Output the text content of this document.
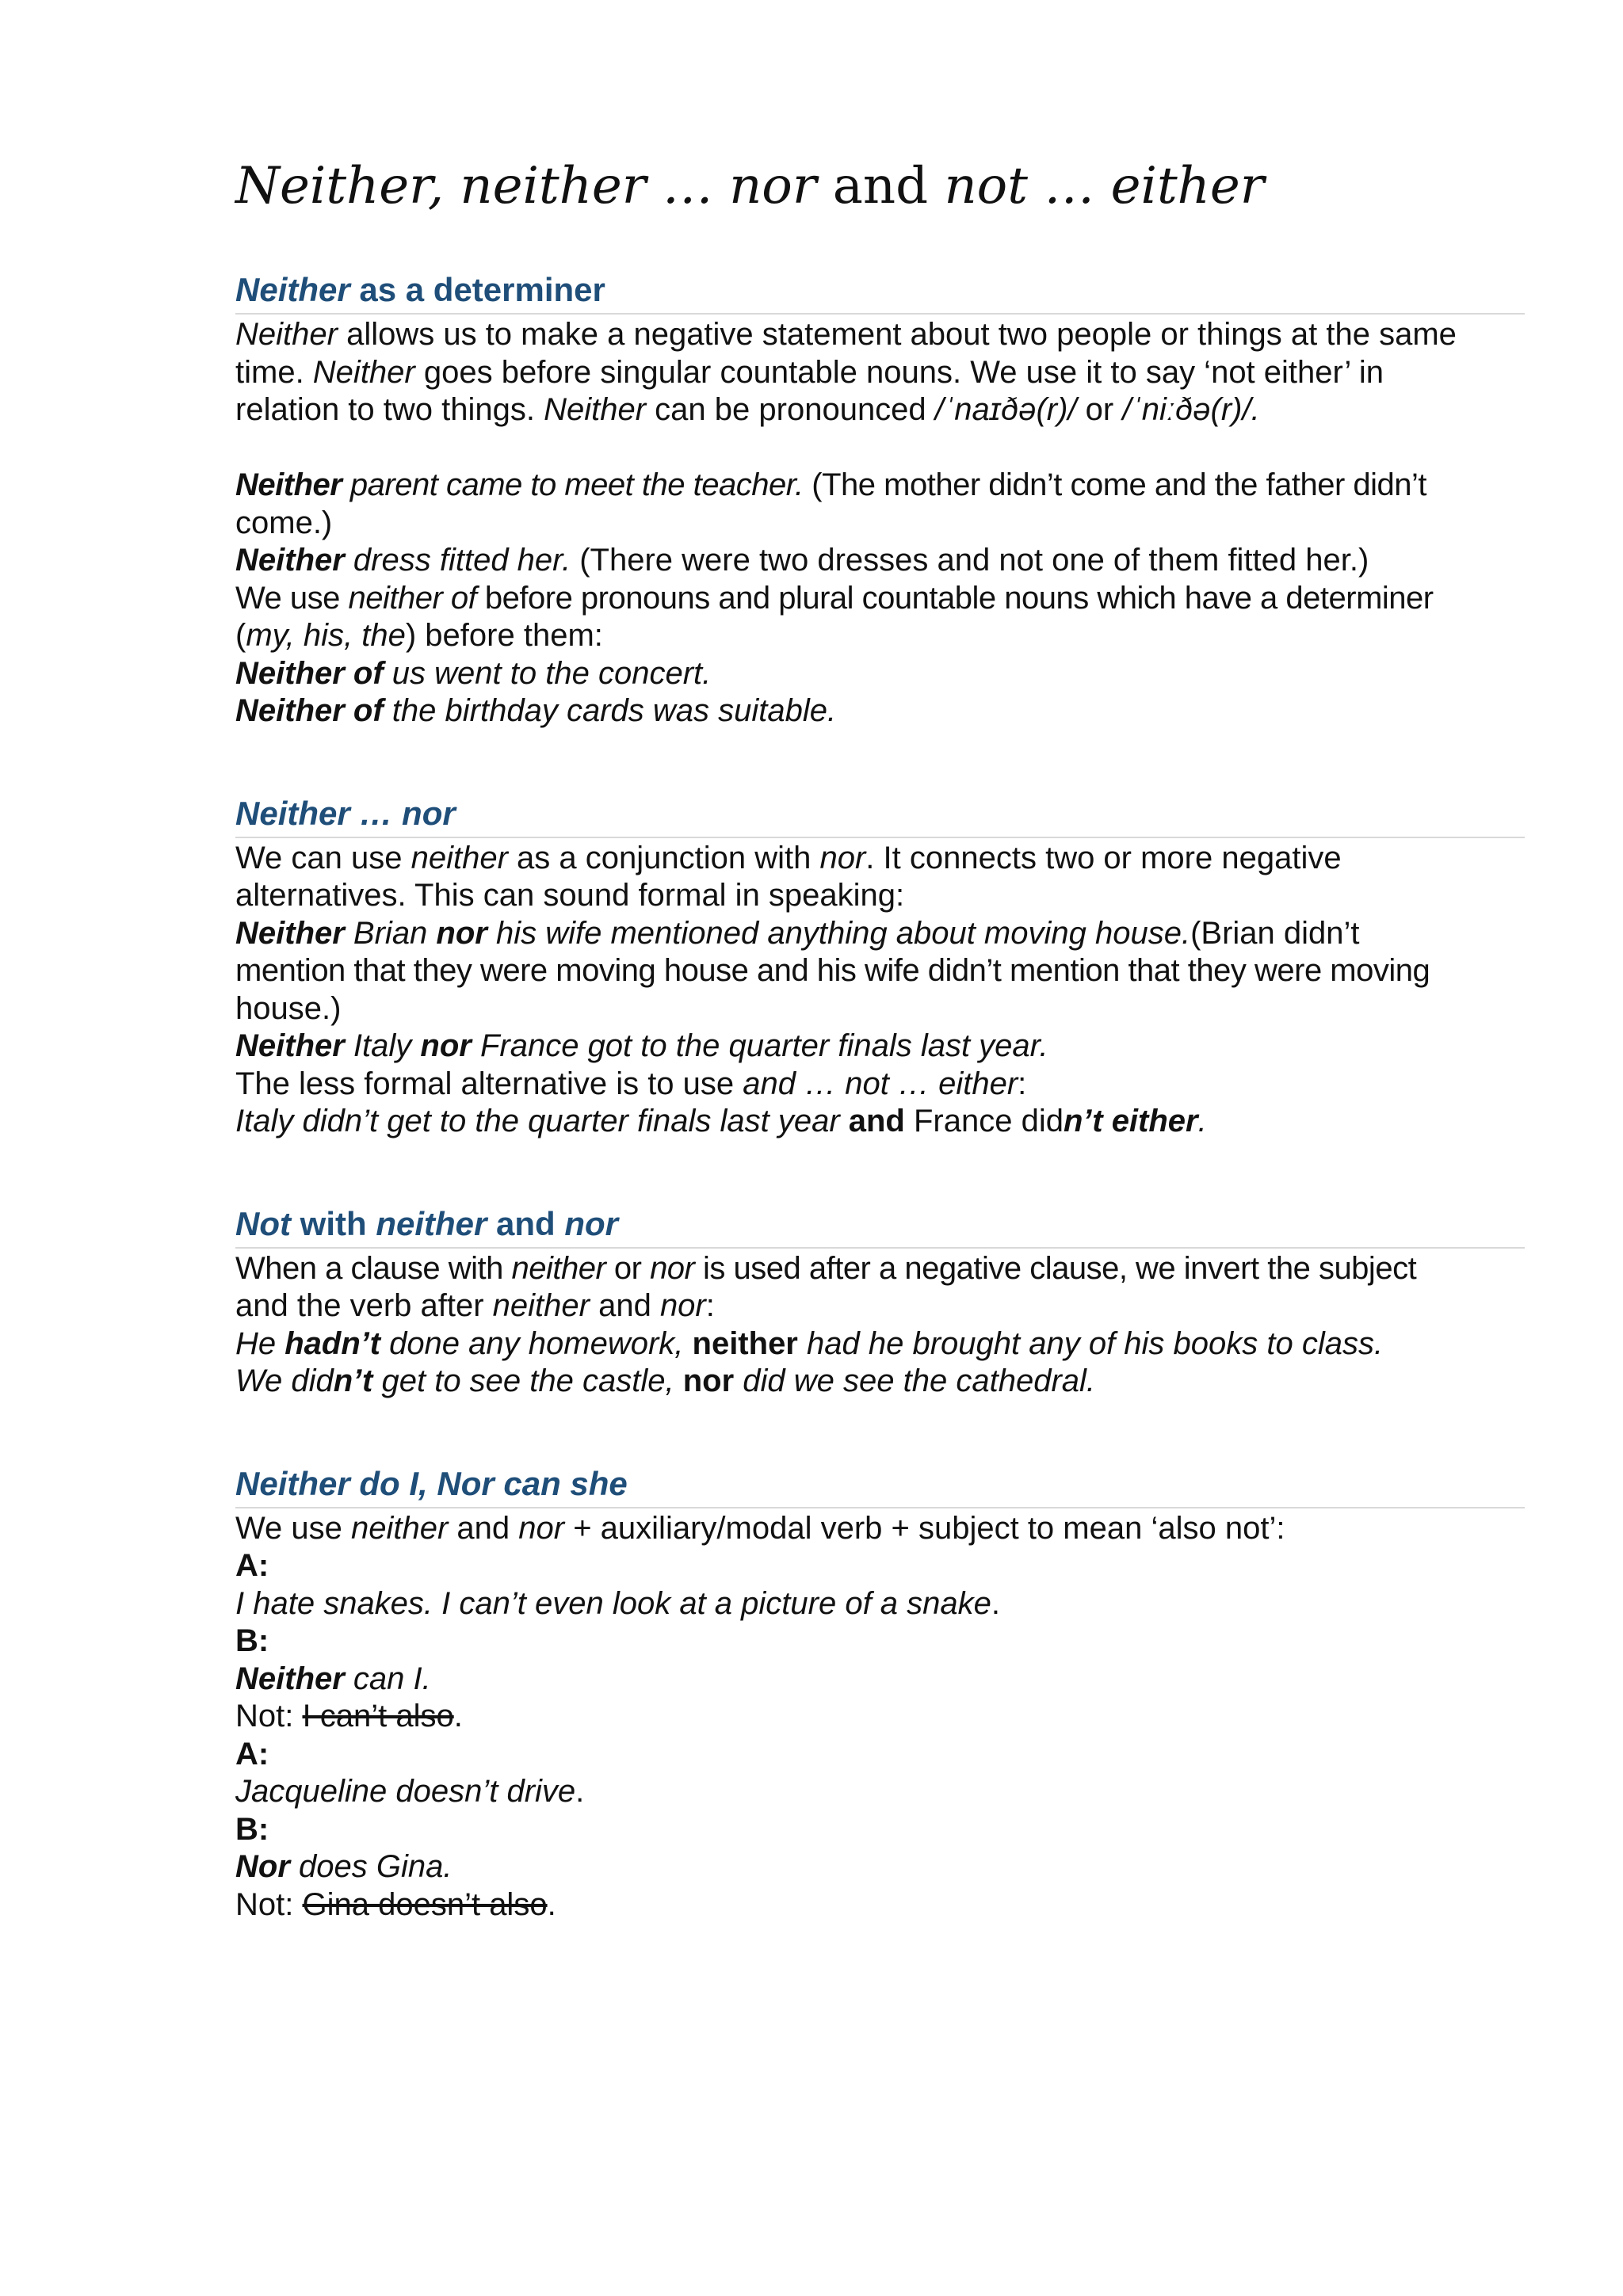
Neither, neither … nor and not … either
Neither as a determiner
Neither allows us to make a negative statement about two people or things at the same
time. Neither goes before singular countable nouns. We use it to say ‘not either’ in
relation to two things. Neither can be pronounced /ˈnaɪðə(r)/ or /ˈniːðə(r)/.
Neither parent came to meet the teacher. (The mother didn’t come and the father didn’t
come.)
Neither dress fitted her. (There were two dresses and not one of them fitted her.)
We use neither of before pronouns and plural countable nouns which have a determiner
(my, his, the) before them:
Neither of us went to the concert.
Neither of the birthday cards was suitable.
Neither … nor
We can use neither as a conjunction with nor. It connects two or more negative
alternatives. This can sound formal in speaking:
Neither Brian nor his wife mentioned anything about moving house.(Brian didn’t
mention that they were moving house and his wife didn’t mention that they were moving
house.)
Neither Italy nor France got to the quarter finals last year.
The less formal alternative is to use and … not … either:
Italy didn’t get to the quarter finals last year and France didn’t either.
Not with neither and nor
When a clause with neither or nor is used after a negative clause, we invert the subject
and the verb after neither and nor:
He hadn’t done any homework, neither had he brought any of his books to class.
We didn’t get to see the castle, nor did we see the cathedral.
Neither do I, Nor can she
We use neither and nor + auxiliary/modal verb + subject to mean ‘also not’:
A:
I hate snakes. I can’t even look at a picture of a snake.
B:
Neither can I.
Not: I can’t also.
A:
Jacqueline doesn’t drive.
B:
Nor does Gina.
Not: Gina doesn’t also.
